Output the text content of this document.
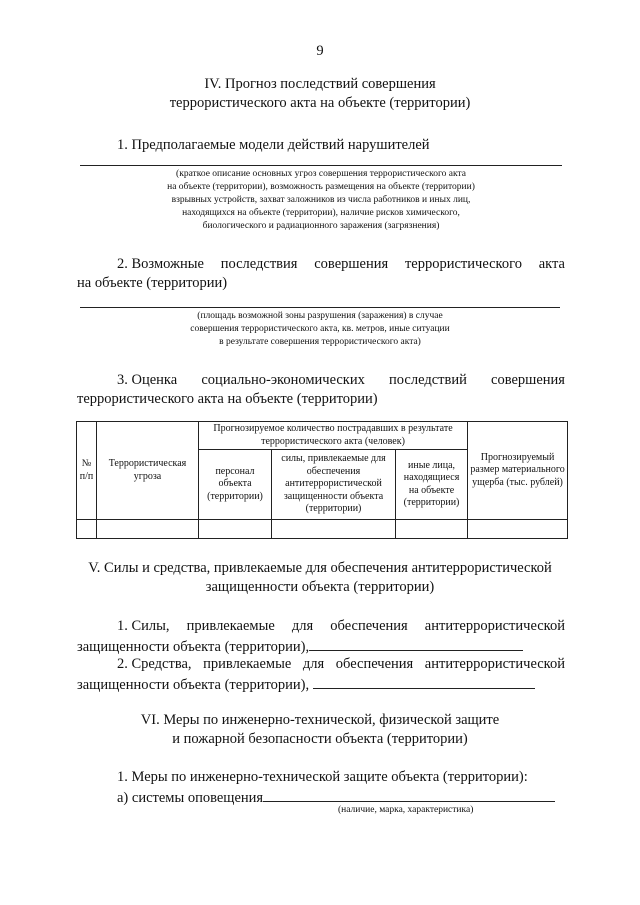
9
IV. Прогноз последствий совершения
террористического акта на объекте (территории)
1. Предполагаемые модели действий нарушителей
(краткое описание основных угроз совершения террористического акта
на объекте (территории), возможность размещения на объекте (территории)
взрывных устройств, захват заложников из числа работников и иных лиц,
находящихся на объекте (территории), наличие рисков химического,
биологического и радиационного заражения (загрязнения)
2. Возможные последствия совершения террористического акта
на объекте (территории)
(площадь возможной зоны разрушения (заражения) в случае
совершения террористического акта, кв. метров, иные ситуации
в результате совершения террористического акта)
3. Оценка социально-экономических последствий совершения
террористического акта на объекте (территории)
№ п/п	Террористическая угроза	Прогнозируемое количество пострадавших в результате террористического акта (человек)			Прогнозируемый размер материального ущерба (тыс. рублей)
		персонал объекта (территории)	силы, привлекаемые для обеспечения антитеррористической защищенности объекта (территории)	иные лица, находящиеся на объекте (территории)	

V. Силы и средства, привлекаемые для обеспечения антитеррористической
защищенности объекта (территории)
1. Силы, привлекаемые для обеспечения антитеррористической
защищенности объекта (территории),
2. Средства, привлекаемые для обеспечения антитеррористической
защищенности объекта (территории),
VI. Меры по инженерно-технической, физической защите
и пожарной безопасности объекта (территории)
1. Меры по инженерно-технической защите объекта (территории):
а) системы оповещения
(наличие, марка, характеристика)
